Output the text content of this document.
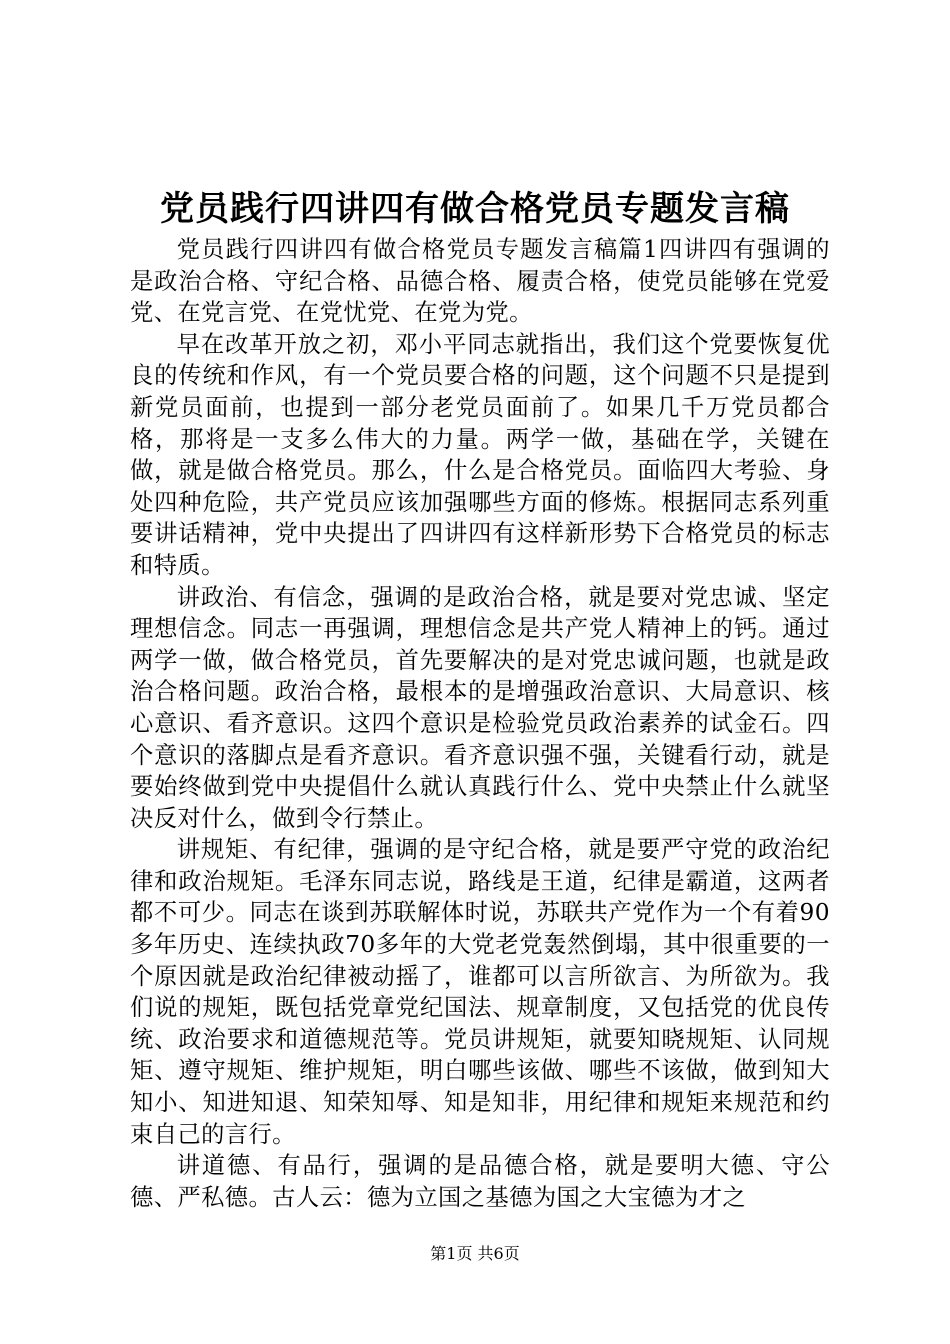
党员践行四讲四有做合格党员专题发言稿

党员践行四讲四有做合格党员专题发言稿篇1四讲四有强调的是政治合格、守纪合格、品德合格、履责合格，使党员能够在党爱党、在党言党、在党忧党、在党为党。

早在改革开放之初，邓小平同志就指出，我们这个党要恢复优良的传统和作风，有一个党员要合格的问题，这个问题不只是提到新党员面前，也提到一部分老党员面前了。如果几千万党员都合格，那将是一支多么伟大的力量。两学一做，基础在学，关键在做，就是做合格党员。那么，什么是合格党员。面临四大考验、身处四种危险，共产党员应该加强哪些方面的修炼。根据同志系列重要讲话精神，党中央提出了四讲四有这样新形势下合格党员的标志和特质。

讲政治、有信念，强调的是政治合格，就是要对党忠诚、坚定理想信念。同志一再强调，理想信念是共产党人精神上的钙。通过两学一做，做合格党员，首先要解决的是对党忠诚问题，也就是政治合格问题。政治合格，最根本的是增强政治意识、大局意识、核心意识、看齐意识。这四个意识是检验党员政治素养的试金石。四个意识的落脚点是看齐意识。看齐意识强不强，关键看行动，就是要始终做到党中央提倡什么就认真践行什么、党中央禁止什么就坚决反对什么，做到令行禁止。

讲规矩、有纪律，强调的是守纪合格，就是要严守党的政治纪律和政治规矩。毛泽东同志说，路线是王道，纪律是霸道，这两者都不可少。同志在谈到苏联解体时说，苏联共产党作为一个有着90多年历史、连续执政70多年的大党老党轰然倒塌，其中很重要的一个原因就是政治纪律被动摇了，谁都可以言所欲言、为所欲为。我们说的规矩，既包括党章党纪国法、规章制度，又包括党的优良传统、政治要求和道德规范等。党员讲规矩，就要知晓规矩、认同规矩、遵守规矩、维护规矩，明白哪些该做、哪些不该做，做到知大知小、知进知退、知荣知辱、知是知非，用纪律和规矩来规范和约束自己的言行。

讲道德、有品行，强调的是品德合格，就是要明大德、守公德、严私德。古人云：德为立国之基德为国之大宝德为才之

第1页 共6页
